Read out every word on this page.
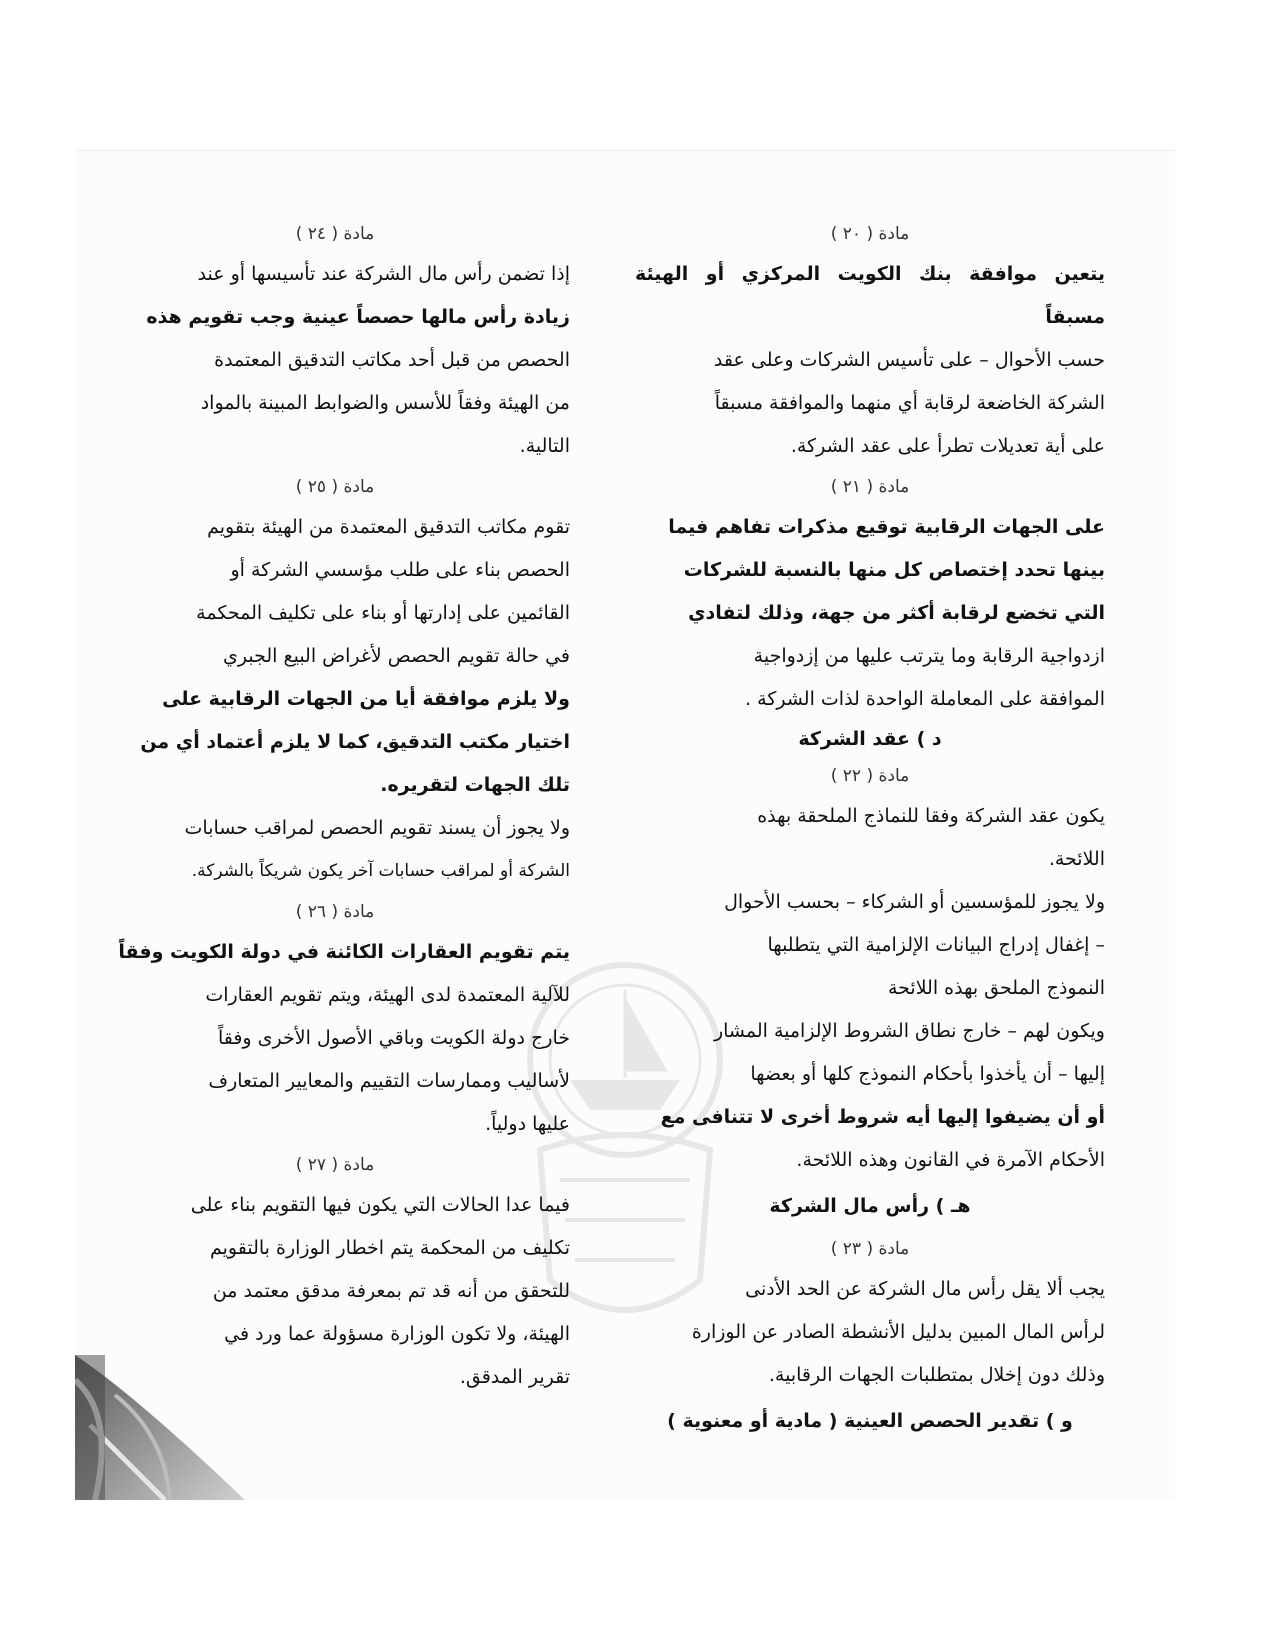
مادة ( ٢٠ )

يتعين موافقة بنك الكويت المركزي أو الهيئة مسبقاً

حسب الأحوال – على تأسيس الشركات وعلى عقد

الشركة الخاضعة لرقابة أي منهما والموافقة مسبقاً

على أية تعديلات تطرأ على عقد الشركة.

مادة ( ٢١ )

على الجهات الرقابية توقيع مذكرات تفاهم فيما

بينها تحدد إختصاص كل منها بالنسبة للشركات

التي تخضع لرقابة أكثر من جهة، وذلك لتفادي

ازدواجية الرقابة وما يترتب عليها من إزدواجية

الموافقة على المعاملة الواحدة لذات الشركة .

د ) عقد الشركة
مادة ( ٢٢ )

يكون عقد الشركة وفقا للنماذج الملحقة بهذه

اللائحة.

ولا يجوز للمؤسسين أو الشركاء – بحسب الأحوال

– إغفال إدراج البيانات الإلزامية التي يتطلبها

النموذج الملحق بهذه اللائحة

ويكون لهم – خارج نطاق الشروط الإلزامية المشار

إليها – أن يأخذوا بأحكام النموذج كلها أو بعضها

أو أن يضيفوا إليها أيه شروط أخرى لا تتنافى مع

الأحكام الآمرة في القانون وهذه اللائحة.

هـ ) رأس مال الشركة
مادة ( ٢٣ )

يجب ألا يقل رأس مال الشركة عن الحد الأدنى

لرأس المال المبين بدليل الأنشطة الصادر عن الوزارة

وذلك دون إخلال بمتطلبات الجهات الرقابية.

و ) تقدير الحصص العينية ( مادية أو معنوية )
مادة ( ٢٤ )

إذا تضمن رأس مال الشركة عند تأسيسها أو عند

زيادة رأس مالها حصصاً عينية وجب تقويم هذه

الحصص من قبل أحد مكاتب التدقيق المعتمدة

من الهيئة وفقاً للأسس والضوابط المبينة بالمواد

التالية.

مادة ( ٢٥ )

تقوم مكاتب التدقيق المعتمدة من الهيئة بتقويم

الحصص بناء على طلب مؤسسي الشركة أو

القائمين على إدارتها أو بناء على تكليف المحكمة

في حالة تقويم الحصص لأغراض البيع الجبري

ولا يلزم موافقة أيا من الجهات الرقابية على

اختيار مكتب التدقيق، كما لا يلزم أعتماد أي من

تلك الجهات لتقريره.

ولا يجوز أن يسند تقويم الحصص لمراقب حسابات

الشركة أو لمراقب حسابات آخر يكون شريكاً بالشركة.

مادة ( ٢٦ )

يتم تقويم العقارات الكائنة في دولة الكويت وفقاً

للآلية المعتمدة لدى الهيئة، ويتم تقويم العقارات

خارج دولة الكويت وباقي الأصول الأخرى وفقاً

لأساليب وممارسات التقييم والمعايير المتعارف

عليها دولياً.

مادة ( ٢٧ )

فيما عدا الحالات التي يكون فيها التقويم بناء على

تكليف من المحكمة يتم اخطار الوزارة بالتقويم

للتحقق من أنه قد تم بمعرفة مدقق معتمد من

الهيئة، ولا تكون الوزارة مسؤولة عما ورد في

تقرير المدقق.
